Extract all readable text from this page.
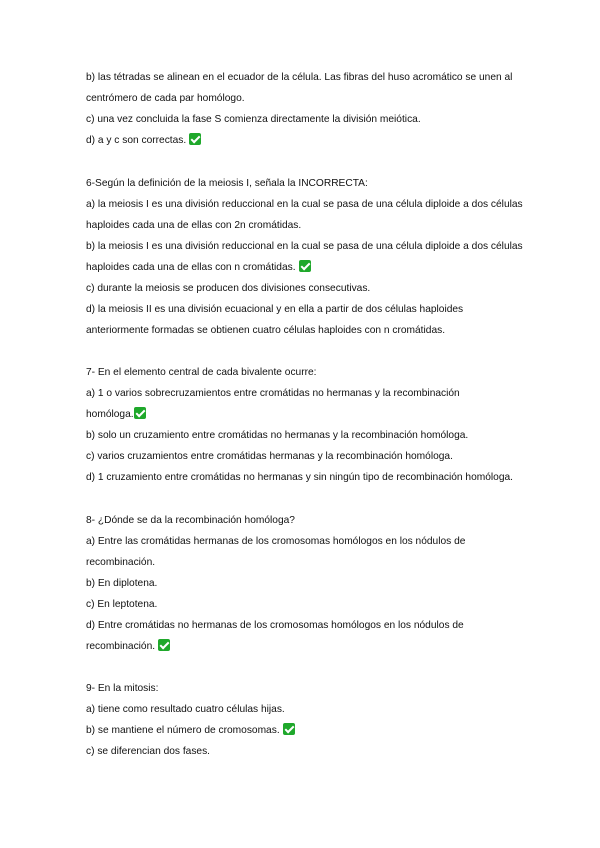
b) las tétradas se alinean en el ecuador de la célula. Las fibras del huso acromático se unen al
centrómero de cada par homólogo.
c) una vez concluida la fase S comienza directamente la división meiótica.
d) a y c son correctas.
6-Según la definición de la meiosis I, señala la INCORRECTA:
a) la meiosis I es una división reduccional en la cual se pasa de una célula diploide a dos células
haploides cada una de ellas con 2n cromátidas.
b) la meiosis I es una división reduccional en la cual se pasa de una célula diploide a dos células
haploides cada una de ellas con n cromátidas.
c) durante la meiosis se producen dos divisiones consecutivas.
d) la meiosis II es una división ecuacional y en ella a partir de dos células haploides
anteriormente formadas se obtienen cuatro células haploides con n cromátidas.
7- En el elemento central de cada bivalente ocurre:
a) 1 o varios sobrecruzamientos entre cromátidas no hermanas y la recombinación
homóloga.
b) solo un cruzamiento entre cromátidas no hermanas y la recombinación homóloga.
c) varios cruzamientos entre cromátidas hermanas y la recombinación homóloga.
d) 1 cruzamiento entre cromátidas no hermanas y sin ningún tipo de recombinación homóloga.
8- ¿Dónde se da la recombinación homóloga?
a) Entre las cromátidas hermanas de los cromosomas homólogos en los nódulos de
recombinación.
b) En diplotena.
c) En leptotena.
d) Entre cromátidas no hermanas de los cromosomas homólogos en los nódulos de
recombinación.
9- En la mitosis:
a) tiene como resultado cuatro células hijas.
b) se mantiene el número de cromosomas.
c) se diferencian dos fases.
